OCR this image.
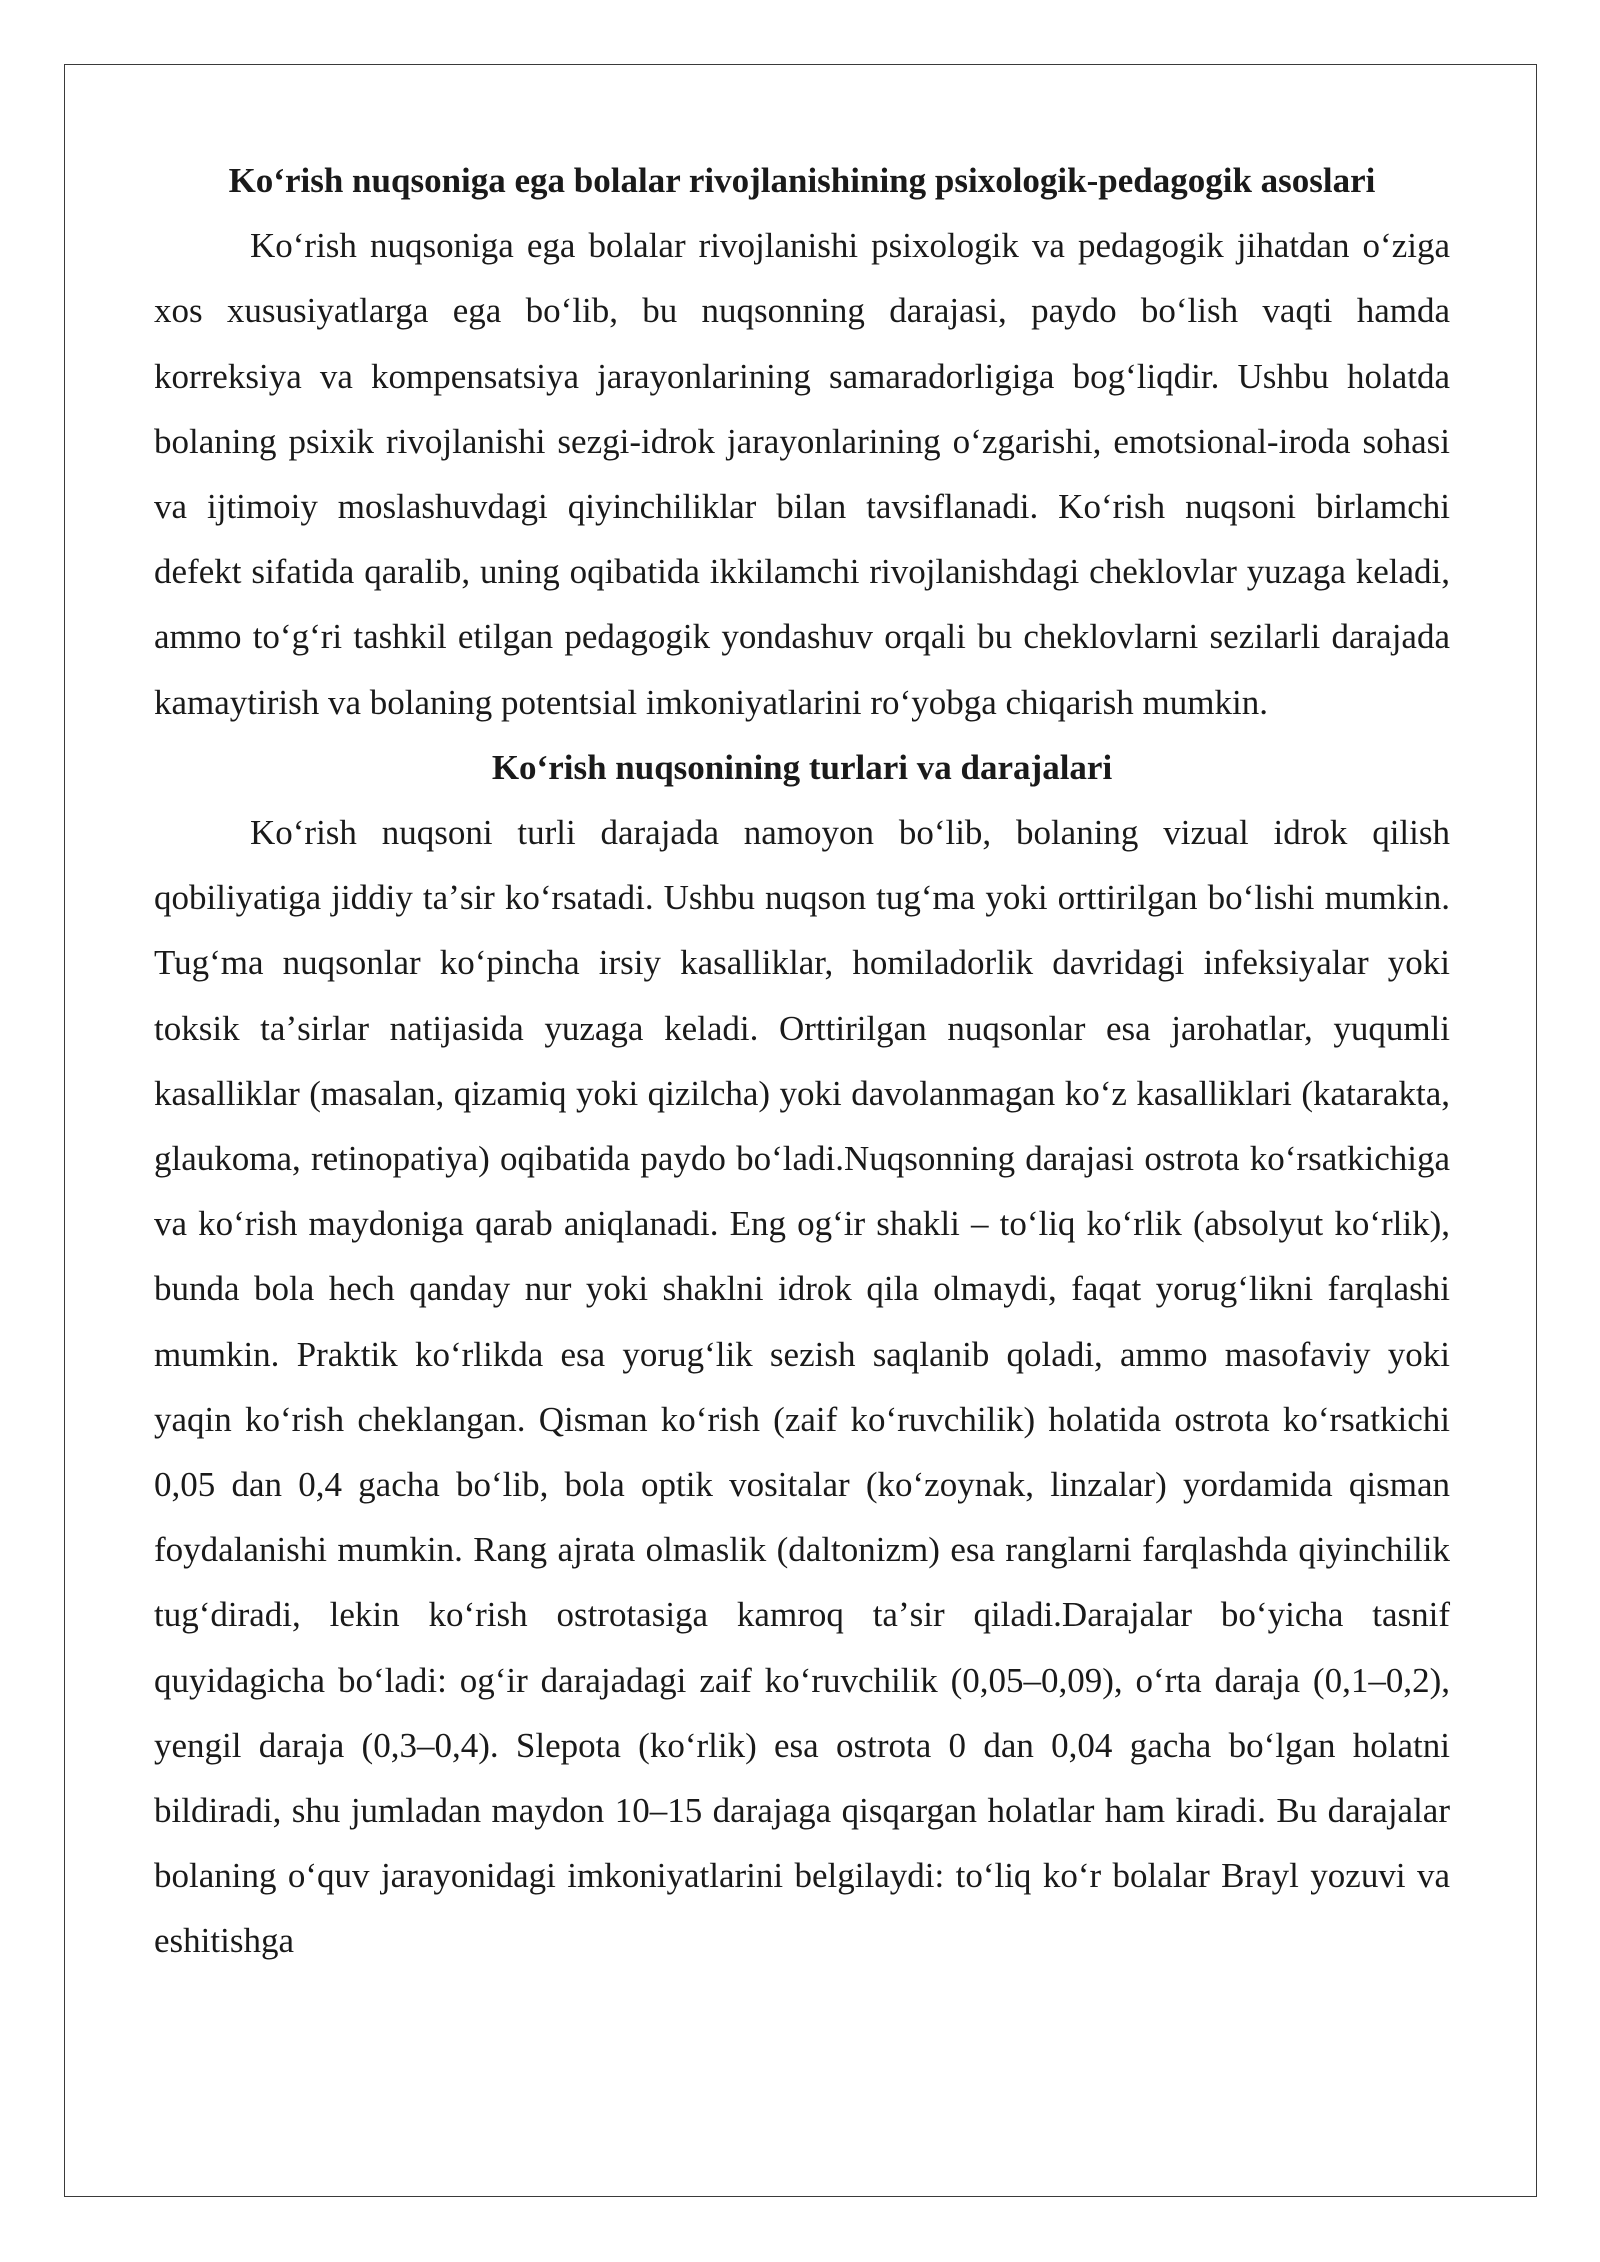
Koʻrish nuqsoniga ega bolalar rivojlanishining psixologik-pedagogik asoslari

Koʻrish nuqsoniga ega bolalar rivojlanishi psixologik va pedagogik jihatdan oʻziga xos xususiyatlarga ega boʻlib, bu nuqsonning darajasi, paydo boʻlish vaqti hamda korreksiya va kompensatsiya jarayonlarining samaradorligiga bogʻliqdir. Ushbu holatda bolaning psixik rivojlanishi sezgi-idrok jarayonlarining oʻzgarishi, emotsional-iroda sohasi va ijtimoiy moslashuvdagi qiyinchiliklar bilan tavsiflanadi. Koʻrish nuqsoni birlamchi defekt sifatida qaralib, uning oqibatida ikkilamchi rivojlanishdagi cheklovlar yuzaga keladi, ammo toʻgʻri tashkil etilgan pedagogik yondashuv orqali bu cheklovlarni sezilarli darajada kamaytirish va bolaning potentsial imkoniyatlarini roʻyobga chiqarish mumkin.

Koʻrish nuqsonining turlari va darajalari

Koʻrish nuqsoni turli darajada namoyon boʻlib, bolaning vizual idrok qilish qobiliyatiga jiddiy taʼsir koʻrsatadi. Ushbu nuqson tugʻma yoki orttirilgan boʻlishi mumkin. Tugʻma nuqsonlar koʻpincha irsiy kasalliklar, homiladorlik davridagi infeksiyalar yoki toksik taʼsirlar natijasida yuzaga keladi. Orttirilgan nuqsonlar esa jarohatlar, yuqumli kasalliklar (masalan, qizamiq yoki qizilcha) yoki davolanmagan koʻz kasalliklari (katarakta, glaukoma, retinopatiya) oqibatida paydo boʻladi.Nuqsonning darajasi ostrota koʻrsatkichiga va koʻrish maydoniga qarab aniqlanadi. Eng ogʻir shakli – toʻliq koʻrlik (absolyut koʻrlik), bunda bola hech qanday nur yoki shaklni idrok qila olmaydi, faqat yorugʻlikni farqlashi mumkin. Praktik koʻrlikda esa yorugʻlik sezish saqlanib qoladi, ammo masofaviy yoki yaqin koʻrish cheklangan. Qisman koʻrish (zaif koʻruvchilik) holatida ostrota koʻrsatkichi 0,05 dan 0,4 gacha boʻlib, bola optik vositalar (koʻzoynak, linzalar) yordamida qisman foydalanishi mumkin. Rang ajrata olmaslik (daltonizm) esa ranglarni farqlashda qiyinchilik tugʻdiradi, lekin koʻrish ostrotasiga kamroq taʼsir qiladi.Darajalar boʻyicha tasnif quyidagicha boʻladi: ogʻir darajadagi zaif koʻruvchilik (0,05–0,09), oʻrta daraja (0,1–0,2), yengil daraja (0,3–0,4). Slepota (koʻrlik) esa ostrota 0 dan 0,04 gacha boʻlgan holatni bildiradi, shu jumladan maydon 10–15 darajaga qisqargan holatlar ham kiradi. Bu darajalar bolaning oʻquv jarayonidagi imkoniyatlarini belgilaydi: toʻliq koʻr bolalar Brayl yozuvi va eshitishga
